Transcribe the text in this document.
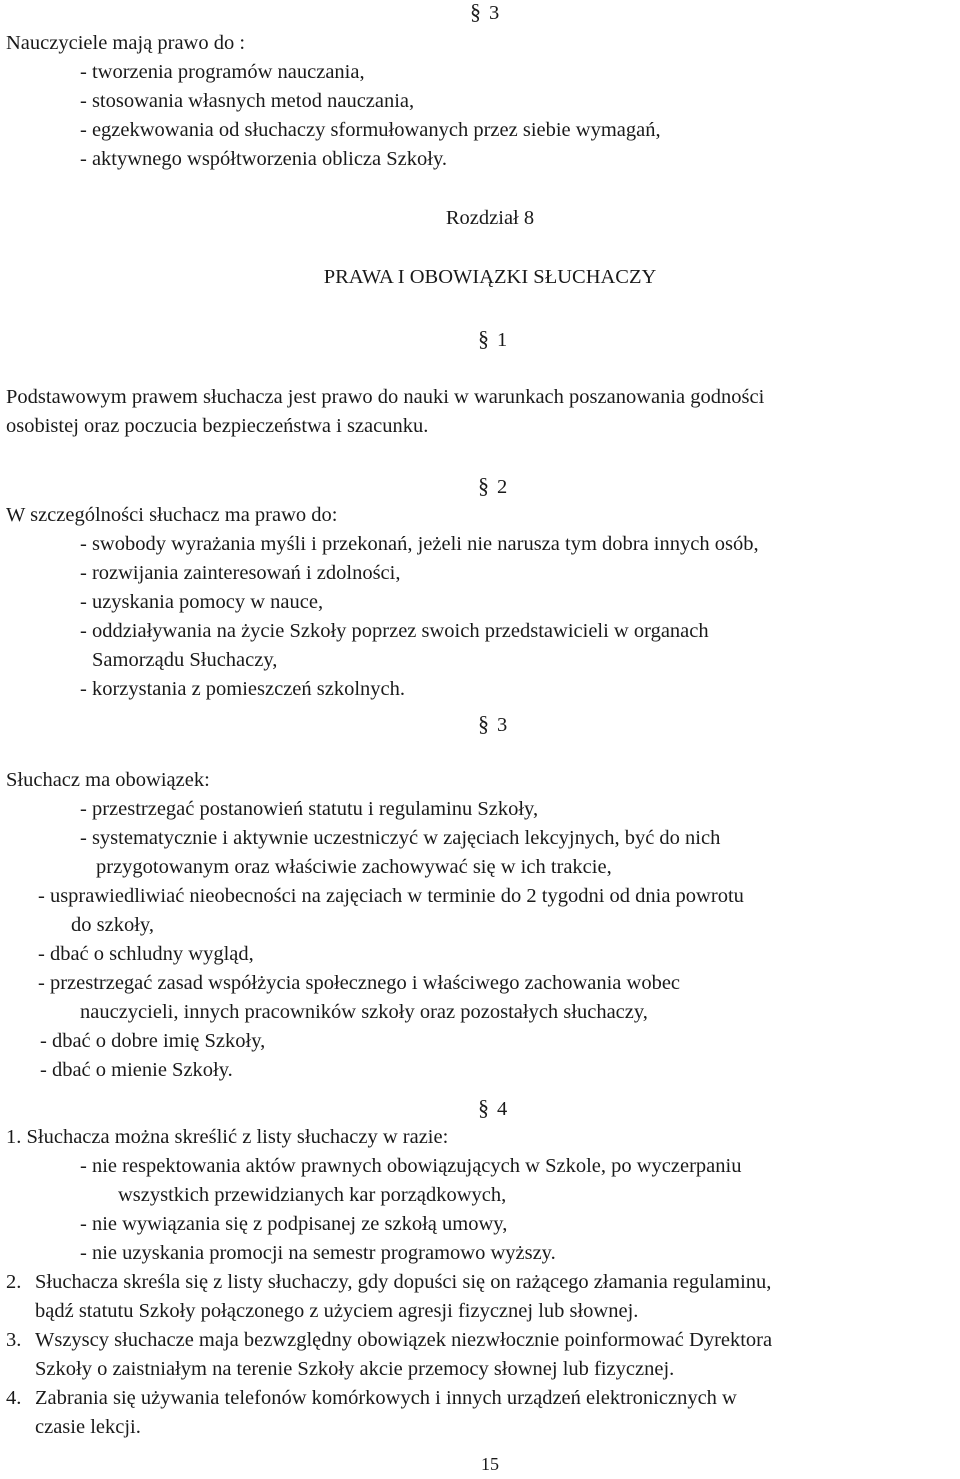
§ 3
Nauczyciele mają prawo do :
- tworzenia programów nauczania,
- stosowania własnych metod nauczania,
- egzekwowania od słuchaczy sformułowanych przez siebie wymagań,
- aktywnego współtworzenia oblicza Szkoły.
Rozdział 8
PRAWA I OBOWIĄZKI SŁUCHACZY
§ 1
Podstawowym prawem słuchacza jest prawo do nauki w warunkach poszanowania godności
osobistej oraz poczucia bezpieczeństwa i szacunku.
§ 2
W szczególności słuchacz ma prawo do:
- swobody wyrażania myśli i przekonań, jeżeli nie narusza tym dobra innych osób,
- rozwijania zainteresowań i zdolności,
- uzyskania pomocy w nauce,
- oddziaływania na życie Szkoły poprzez swoich przedstawicieli w organach
Samorządu Słuchaczy,
- korzystania z pomieszczeń szkolnych.
§ 3
Słuchacz ma obowiązek:
- przestrzegać postanowień statutu i regulaminu Szkoły,
- systematycznie i aktywnie uczestniczyć w zajęciach lekcyjnych, być do nich
przygotowanym oraz właściwie zachowywać się w ich trakcie,
- usprawiedliwiać nieobecności na zajęciach w terminie do 2 tygodni od dnia powrotu
do szkoły,
- dbać o schludny wygląd,
- przestrzegać zasad współżycia społecznego i właściwego zachowania wobec
nauczycieli, innych pracowników szkoły oraz pozostałych słuchaczy,
- dbać o dobre imię Szkoły,
- dbać o mienie Szkoły.
§ 4
1. Słuchacza można skreślić z listy słuchaczy w razie:
- nie respektowania aktów prawnych obowiązujących w Szkole, po wyczerpaniu
wszystkich przewidzianych kar porządkowych,
- nie wywiązania się z podpisanej ze szkołą umowy,
- nie uzyskania promocji na semestr programowo wyższy.
2. Słuchacza skreśla się z listy słuchaczy, gdy dopuści się on rażącego złamania regulaminu,
bądź statutu Szkoły połączonego z użyciem agresji fizycznej lub słownej.
3. Wszyscy słuchacze maja bezwzględny obowiązek niezwłocznie poinformować Dyrektora
Szkoły o zaistniałym na terenie Szkoły akcie przemocy słownej lub fizycznej.
4. Zabrania się używania telefonów komórkowych i innych urządzeń elektronicznych w
czasie lekcji.
15
